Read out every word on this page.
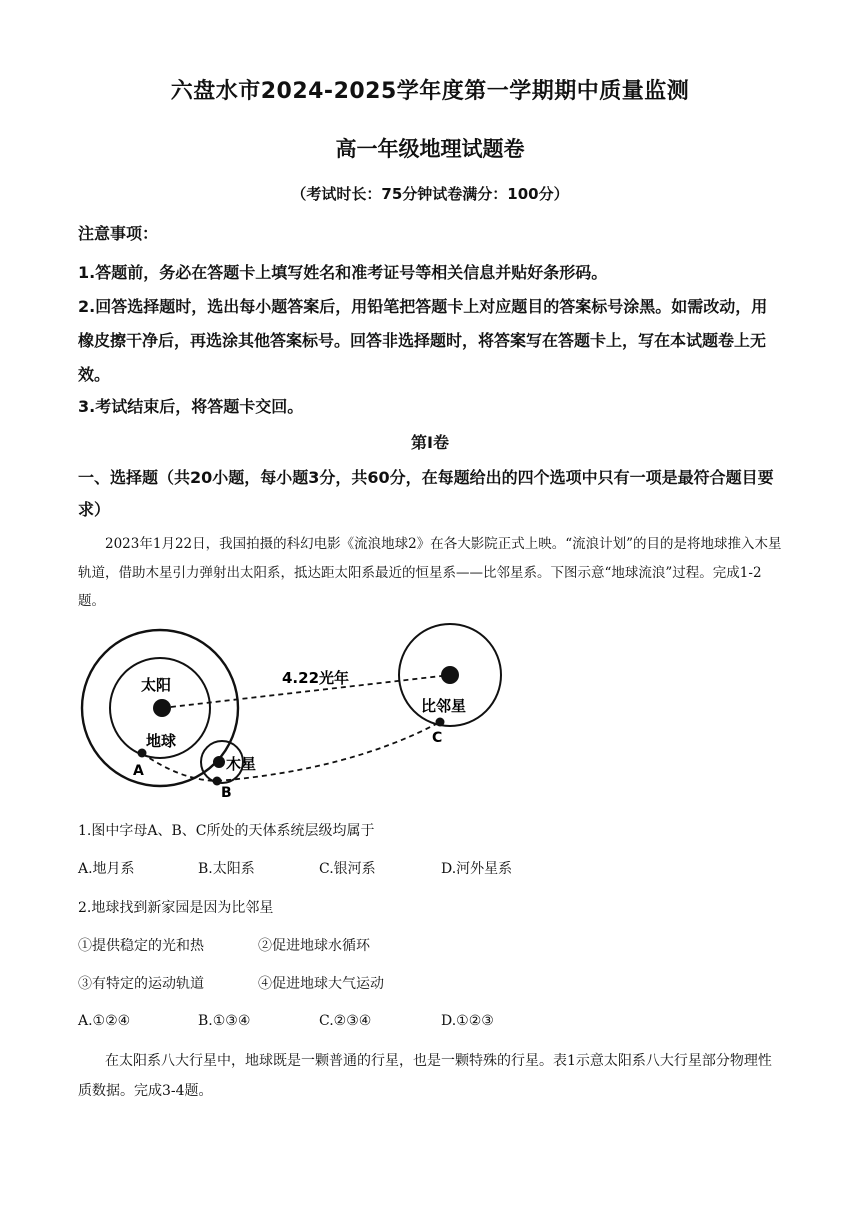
六盘水市2024-2025学年度第一学期期中质量监测
高一年级地理试题卷
（考试时长：75分钟试卷满分：100分）
注意事项：
1.答题前，务必在答题卡上填写姓名和准考证号等相关信息并贴好条形码。
2.回答选择题时，选出每小题答案后，用铅笔把答题卡上对应题目的答案标号涂黑。如需改动，用橡皮擦干净后，再选涂其他答案标号。回答非选择题时，将答案写在答题卡上，写在本试题卷上无效。
3.考试结束后，将答题卡交回。
第Ⅰ卷
一、选择题（共20小题，每小题3分，共60分，在每题给出的四个选项中只有一项是最符合题目要求）
2023年1月22日，我国拍摄的科幻电影《流浪地球2》在各大影院正式上映。“流浪计划”的目的是将地球推入木星轨道，借助木星引力弹射出太阳系，抵达距太阳系最近的恒星系——比邻星系。下图示意“地球流浪”过程。完成1-2题。
太阳
地球
木星
比邻星
4.22光年
A
B
C
1.图中字母A、B、C所处的天体系统层级均属于
A.地月系	B.太阳系	C.银河系	D.河外星系
2.地球找到新家园是因为比邻星
①提供稳定的光和热	②促进地球水循环
③有特定的运动轨道	④促进地球大气运动
A.①②④	B.①③④	C.②③④	D.①②③
在太阳系八大行星中，地球既是一颗普通的行星，也是一颗特殊的行星。表1示意太阳系八大行星部分物理性质数据。完成3-4题。
